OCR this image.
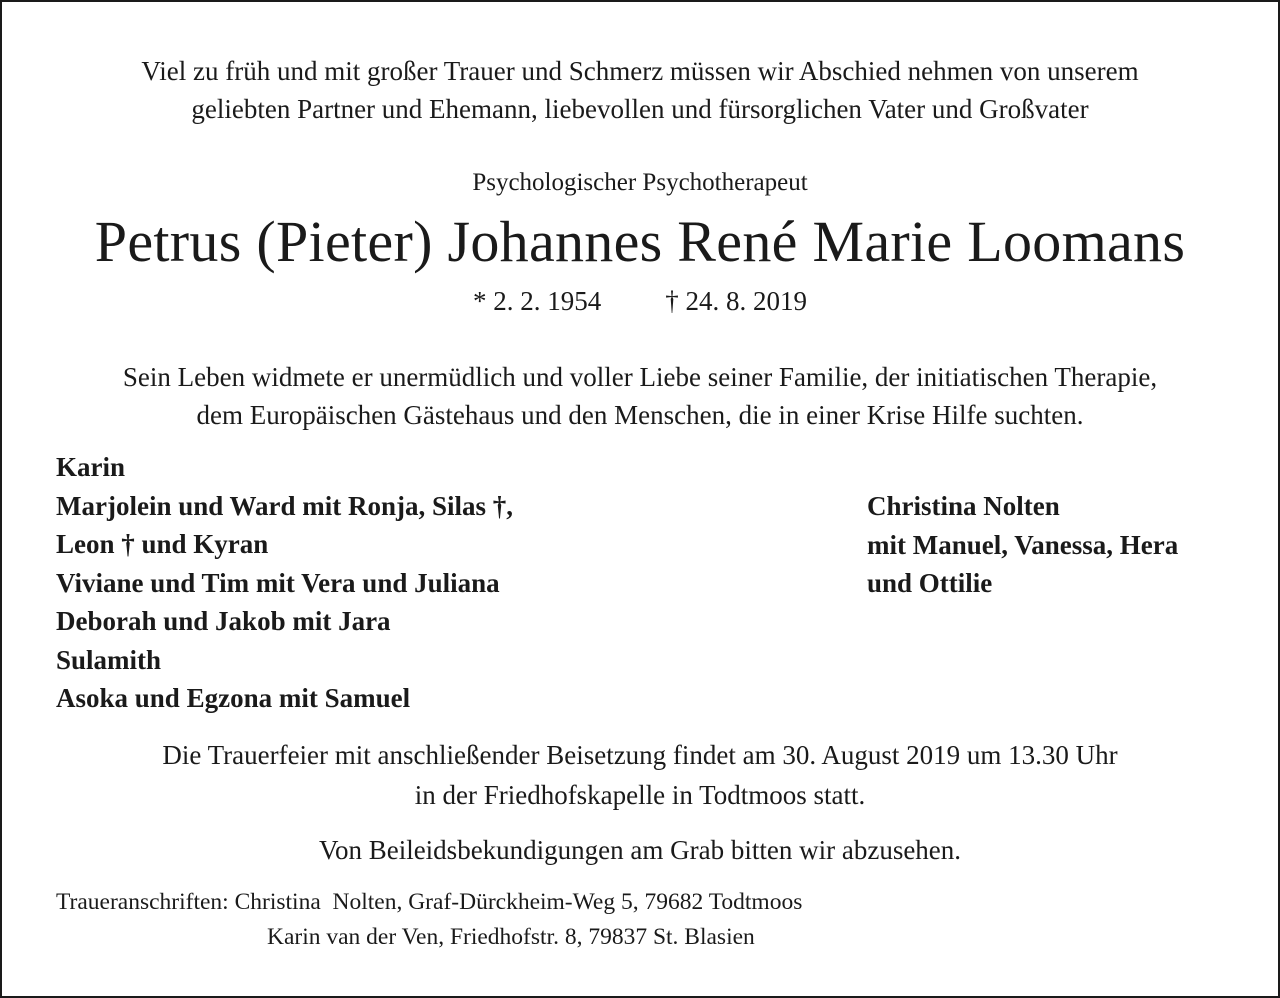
Viel zu früh und mit großer Trauer und Schmerz müssen wir Abschied nehmen von unserem
geliebten Partner und Ehemann, liebevollen und fürsorglichen Vater und Großvater
Psychologischer Psychotherapeut
Petrus (Pieter) Johannes René Marie Loomans
* 2. 2. 1954 † 24. 8. 2019
Sein Leben widmete er unermüdlich und voller Liebe seiner Familie, der initiatischen Therapie,
dem Europäischen Gästehaus und den Menschen, die in einer Krise Hilfe suchten.
Karin
Marjolein und Ward mit Ronja, Silas †,
Leon † und Kyran
Viviane und Tim mit Vera und Juliana
Deborah und Jakob mit Jara
Sulamith
Asoka und Egzona mit Samuel
Christina Nolten
mit Manuel, Vanessa, Hera
und Ottilie
Die Trauerfeier mit anschließender Beisetzung findet am 30. August 2019 um 13.30 Uhr
in der Friedhofskapelle in Todtmoos statt.
Von Beileidsbekundigungen am Grab bitten wir abzusehen.
Traueranschriften: Christina  Nolten, Graf-Dürckheim-Weg 5, 79682 Todtmoos
Karin van der Ven, Friedhofstr. 8, 79837 St. Blasien
